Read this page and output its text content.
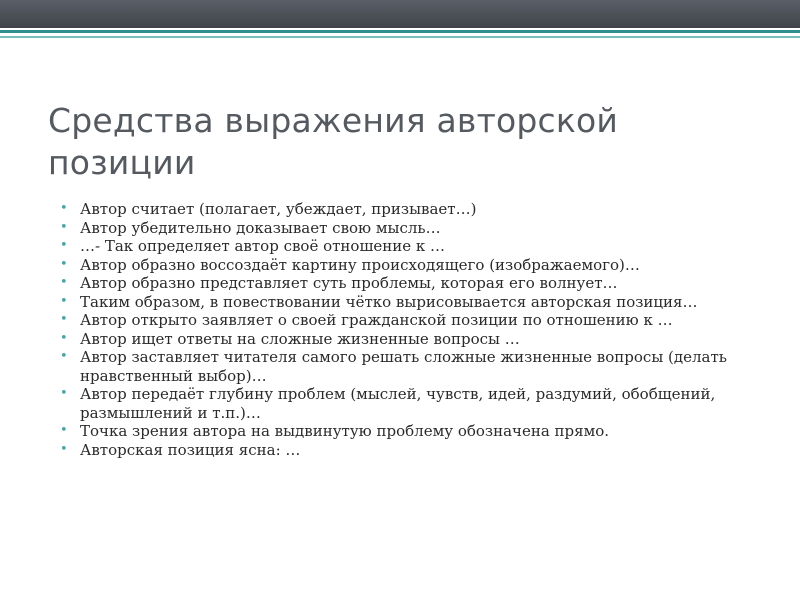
Средства выражения авторской позиции
• Автор считает (полагает, убеждает, призывает…)
• Автор убедительно доказывает свою мысль…
• …- Так определяет автор своё отношение к …
• Автор образно воссоздаёт картину происходящего (изображаемого)…
• Автор образно представляет суть проблемы, которая его волнует…
• Таким образом, в повествовании чётко вырисовывается авторская позиция…
• Автор открыто заявляет о своей гражданской позиции по отношению к …
• Автор ищет ответы на сложные жизненные вопросы …
• Автор заставляет читателя самого решать сложные жизненные вопросы (делать нравственный выбор)…
• Автор передаёт глубину проблем (мыслей, чувств, идей, раздумий, обобщений, размышлений и т.п.)…
• Точка зрения автора на выдвинутую проблему обозначена прямо.
• Авторская позиция ясна: …
